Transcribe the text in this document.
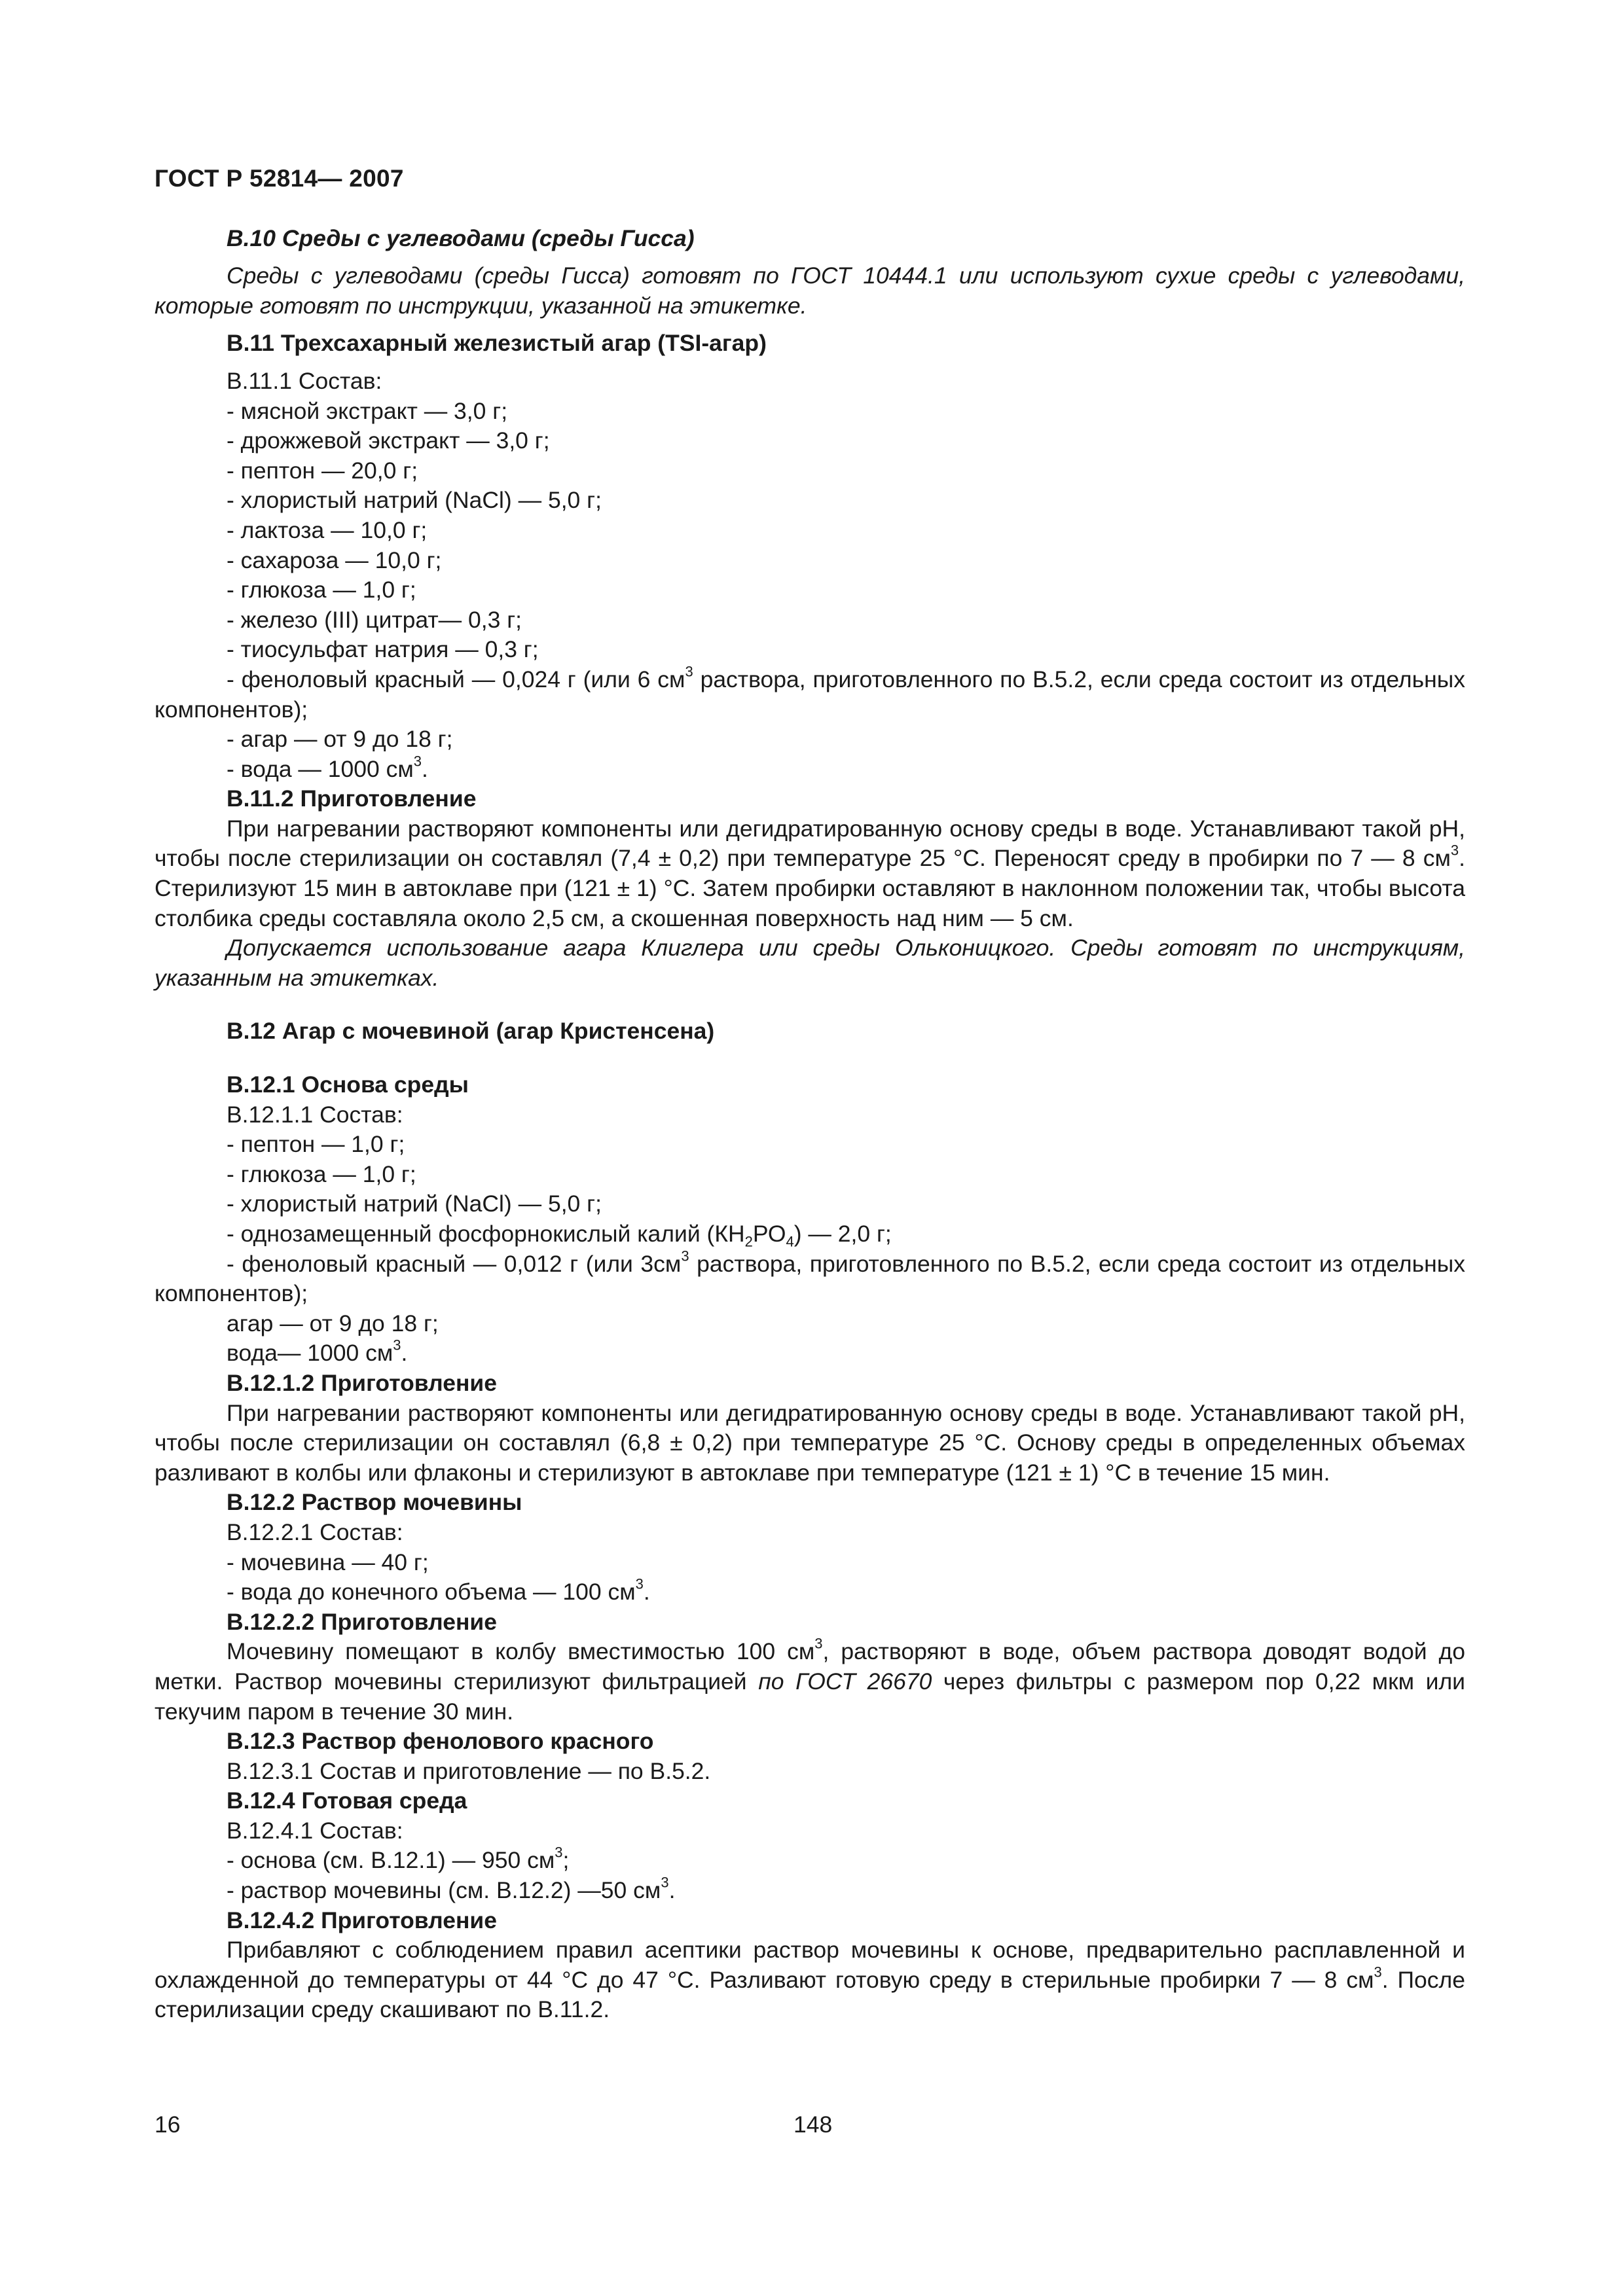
ГОСТ Р 52814— 2007

В.10 Среды с углеводами (среды Гисса)

Среды с углеводами (среды Гисса) готовят по ГОСТ 10444.1 или используют сухие среды с углеводами, которые готовят по инструкции, указанной на этикетке.

В.11 Трехсахарный железистый агар (TSI-агар)

В.11.1 Состав:

- мясной экстракт — 3,0 г;

- дрожжевой экстракт — 3,0 г;

- пептон — 20,0 г;

- хлористый натрий (NaCl) — 5,0 г;

- лактоза — 10,0 г;

- сахароза — 10,0 г;

- глюкоза — 1,0 г;

- железо (III) цитрат— 0,3 г;

- тиосульфат натрия — 0,3 г;

- феноловый красный — 0,024 г (или 6 $см^3$ раствора, приготовленного по В.5.2, если среда состоит из отдельных компонентов);

- агар — от 9 до 18 г;

- вода — 1000 $см^3$.

В.11.2 Приготовление

При нагревании растворяют компоненты или дегидратированную основу среды в воде. Устанавливают такой рН, чтобы после стерилизации он составлял (7,4 ± 0,2) при температуре 25 °С. Переносят среду в пробирки по 7 — 8 $см^3$. Стерилизуют 15 мин в автоклаве при (121 ± 1) °С. Затем пробирки оставляют в наклонном положении так, чтобы высота столбика среды составляла около 2,5 см, а скошенная поверхность над ним — 5 см.

Допускается использование агара Клиглера или среды Ольконицкого. Среды готовят по инструкциям, указанным на этикетках.

В.12 Агар с мочевиной (агар Кристенсена)

В.12.1 Основа среды

В.12.1.1 Состав:

- пептон — 1,0 г;

- глюкоза — 1,0 г;

- хлористый натрий (NaCl) — 5,0 г;

- однозамещенный фосфорнокислый калий $(КН_2РО_4)$ — 2,0 г;

- феноловый красный — 0,012 г (или $3см^3$ раствора, приготовленного по В.5.2, если среда состоит из отдельных компонентов);

агар — от 9 до 18 г;

вода— 1000 $см^3$.

В.12.1.2 Приготовление

При нагревании растворяют компоненты или дегидратированную основу среды в воде. Устанавливают такой рН, чтобы после стерилизации он составлял (6,8 ± 0,2) при температуре 25 °С. Основу среды в определенных объемах разливают в колбы или флаконы и стерилизуют в автоклаве при температуре (121 ± 1) °С в течение 15 мин.

В.12.2 Раствор мочевины

В.12.2.1 Состав:

- мочевина — 40 г;

- вода до конечного объема — 100 $см^3$.

В.12.2.2 Приготовление

Мочевину помещают в колбу вместимостью 100 $см^3$, растворяют в воде, объем раствора доводят водой до метки. Раствор мочевины стерилизуют фильтрацией по ГОСТ 26670 через фильтры с размером пор 0,22 мкм или текучим паром в течение 30 мин.

В.12.3 Раствор фенолового красного

В.12.3.1 Состав и приготовление — по В.5.2.

В.12.4 Готовая среда

В.12.4.1 Состав:

- основа (см. В.12.1) — 950 $см^3$;

- раствор мочевины (см. В.12.2) —50 $см^3$.

В.12.4.2 Приготовление

Прибавляют с соблюдением правил асептики раствор мочевины к основе, предварительно расплавленной и охлажденной до температуры от 44 °С до 47 °С. Разливают готовую среду в стерильные пробирки 7 — 8 $см^3$. После стерилизации среду скашивают по В.11.2.

16	148
